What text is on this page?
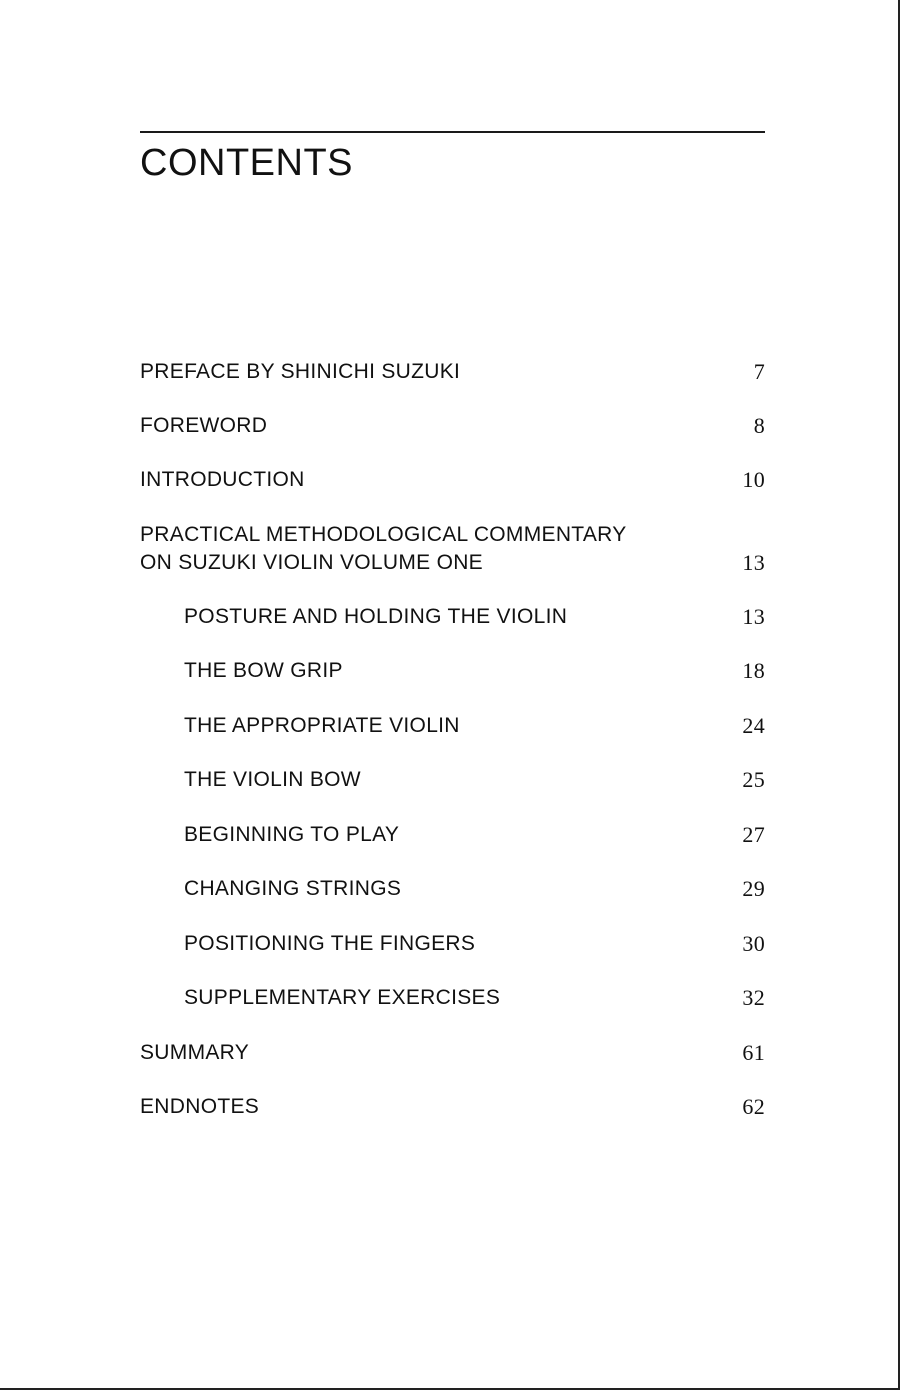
CONTENTS
PREFACE BY SHINICHI SUZUKI	7
FOREWORD	8
INTRODUCTION	10
PRACTICAL METHODOLOGICAL COMMENTARY
ON SUZUKI VIOLIN VOLUME ONE	13
POSTURE AND HOLDING THE VIOLIN	13
THE BOW GRIP	18
THE APPROPRIATE VIOLIN	24
THE VIOLIN BOW	25
BEGINNING TO PLAY	27
CHANGING STRINGS	29
POSITIONING THE FINGERS	30
SUPPLEMENTARY EXERCISES	32
SUMMARY	61
ENDNOTES	62
